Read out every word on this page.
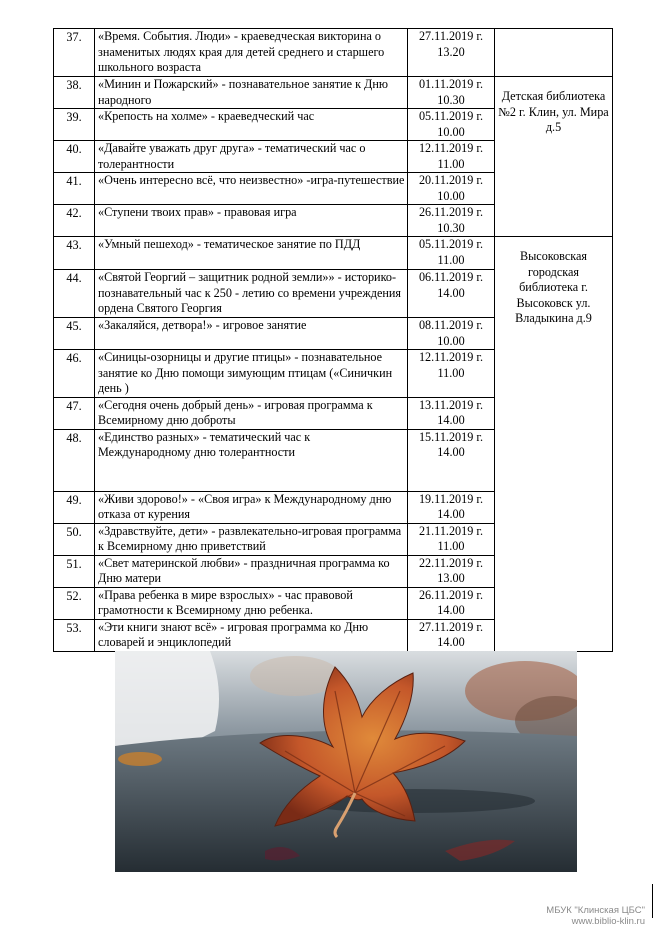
37.	«Время. События. Люди» - краеведческая викторина о знаменитых людях края для детей среднего и старшего школьного возраста	27.11.2019 г.
13.20	
38.	«Минин и Пожарский» - познавательное занятие к Дню народного	01.11.2019 г.
10.30	Детская библиотека №2 г. Клин, ул. Мира д.5
39.	«Крепость на холме» - краеведческий час	05.11.2019 г.
10.00	
40.	«Давайте уважать друг друга» - тематический час о толерантности	12.11.2019 г.
11.00	
41.	«Очень интересно всё, что неизвестно» -игра-путешествие	20.11.2019 г.
10.00	
42.	«Ступени твоих прав» - правовая игра	26.11.2019 г.
10.30	
43.	«Умный пешеход» - тематическое занятие по ПДД	05.11.2019 г.
11.00	Высоковская городская библиотека г. Высоковск ул. Владыкина д.9
44.	«Святой Георгий – защитник родной земли»» - историко-познавательный час к 250 - летию со времени учреждения ордена Святого Георгия	06.11.2019 г.
14.00	
45.	«Закаляйся, детвора!» - игровое занятие	08.11.2019 г.
10.00	
46.	«Синицы-озорницы и другие птицы» - познавательное занятие ко Дню помощи зимующим птицам («Синичкин день )	12.11.2019 г.
11.00	
47.	«Сегодня очень добрый день» - игровая программа к Всемирному дню доброты	13.11.2019 г.
14.00	
48.	«Единство разных» - тематический час к Международному дню толерантности	15.11.2019 г.
14.00	
49.	«Живи здорово!» - «Своя игра» к Международному дню отказа от курения	19.11.2019 г.
14.00	
50.	«Здравствуйте, дети» - развлекательно-игровая программа к Всемирному дню приветствий	21.11.2019 г.
11.00	
51.	«Свет материнской любви» - праздничная программа ко Дню матери	22.11.2019 г.
13.00	
52.	«Права ребенка в мире взрослых» - час правовой грамотности к Всемирному дню ребенка.	26.11.2019 г.
14.00	
53.	«Эти книги знают всё» - игровая программа ко Дню словарей и энциклопедий	27.11.2019 г.
14.00	
МБУК "Клинская ЦБС"
www.biblio-klin.ru
